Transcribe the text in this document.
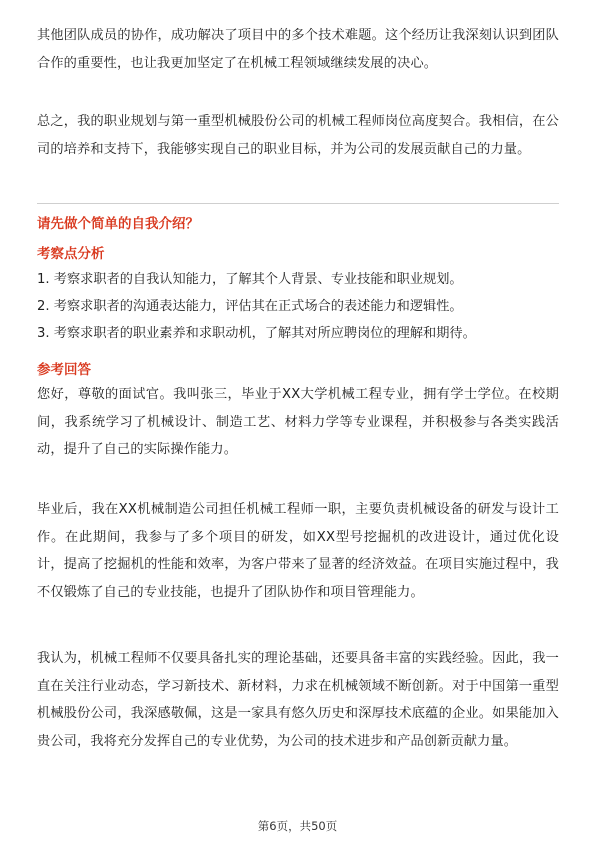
其他团队成员的协作，成功解决了项目中的多个技术难题。这个经历让我深刻认识到团队合作的重要性，也让我更加坚定了在机械工程领域继续发展的决心。

总之，我的职业规划与第一重型机械股份公司的机械工程师岗位高度契合。我相信，在公司的培养和支持下，我能够实现自己的职业目标，并为公司的发展贡献自己的力量。

请先做个简单的自我介绍？

考察点分析

1. 考察求职者的自我认知能力，了解其个人背景、专业技能和职业规划。

2. 考察求职者的沟通表达能力，评估其在正式场合的表述能力和逻辑性。

3. 考察求职者的职业素养和求职动机，了解其对所应聘岗位的理解和期待。

参考回答

您好，尊敬的面试官。我叫张三，毕业于XX大学机械工程专业，拥有学士学位。在校期间，我系统学习了机械设计、制造工艺、材料力学等专业课程，并积极参与各类实践活动，提升了自己的实际操作能力。

毕业后，我在XX机械制造公司担任机械工程师一职，主要负责机械设备的研发与设计工作。在此期间，我参与了多个项目的研发，如XX型号挖掘机的改进设计，通过优化设计，提高了挖掘机的性能和效率，为客户带来了显著的经济效益。在项目实施过程中，我不仅锻炼了自己的专业技能，也提升了团队协作和项目管理能力。

我认为，机械工程师不仅要具备扎实的理论基础，还要具备丰富的实践经验。因此，我一直在关注行业动态，学习新技术、新材料，力求在机械领域不断创新。对于中国第一重型机械股份公司，我深感敬佩，这是一家具有悠久历史和深厚技术底蕴的企业。如果能加入贵公司，我将充分发挥自己的专业优势，为公司的技术进步和产品创新贡献力量。

第6页，共50页
